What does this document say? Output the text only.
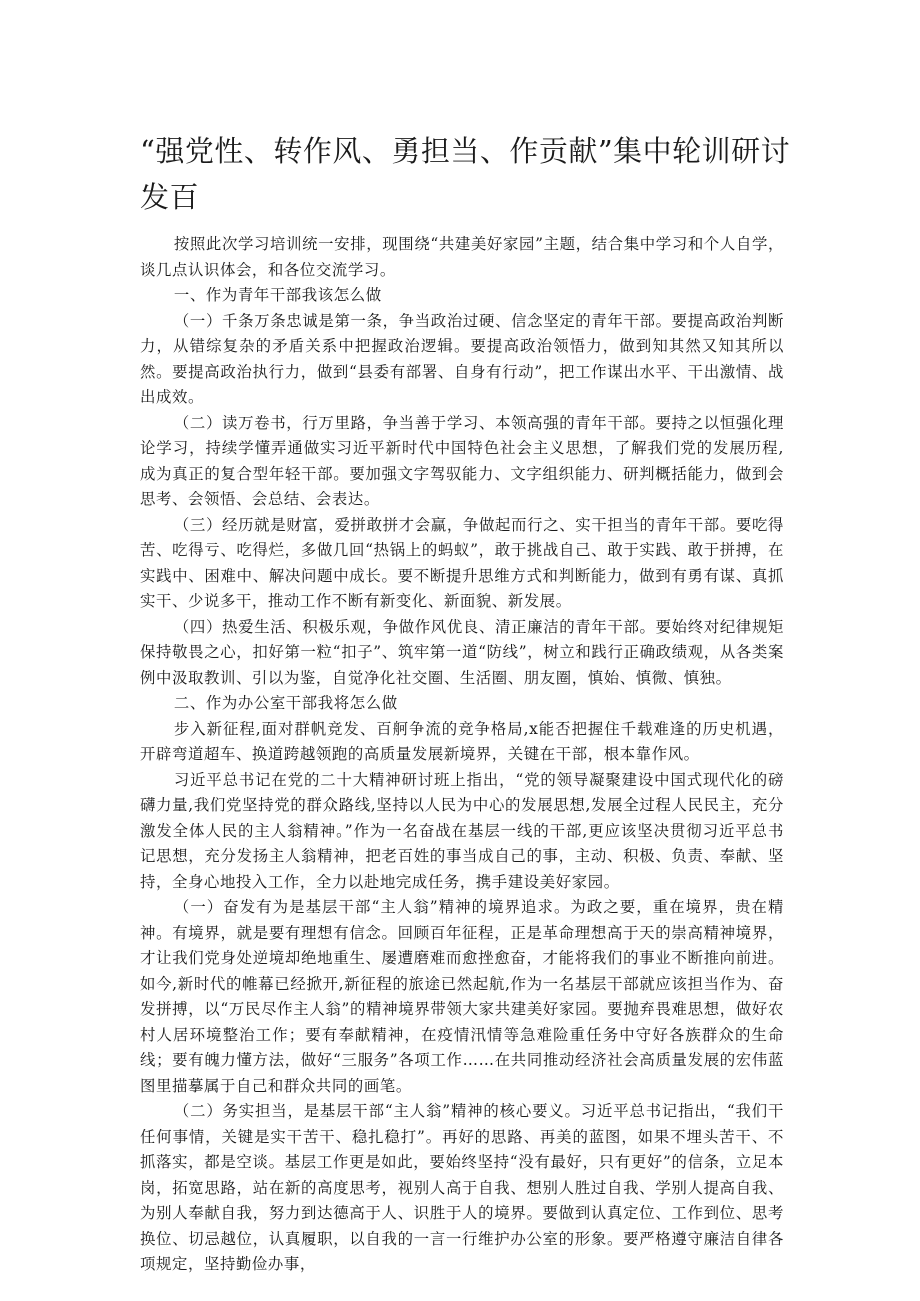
“强党性、转作风、勇担当、作贡献”集中轮训研讨发百

按照此次学习培训统一安排，现围绕“共建美好家园”主题，结合集中学习和个人自学，谈几点认识体会，和各位交流学习。

一、作为青年干部我该怎么做

（一）千条万条忠诚是第一条，争当政治过硬、信念坚定的青年干部。要提高政治判断力，从错综复杂的矛盾关系中把握政治逻辑。要提高政治领悟力，做到知其然又知其所以然。要提高政治执行力，做到“县委有部署、自身有行动”，把工作谋出水平、干出激情、战出成效。

（二）读万卷书，行万里路，争当善于学习、本领高强的青年干部。要持之以恒强化理论学习，持续学懂弄通做实习近平新时代中国特色社会主义思想，了解我们党的发展历程,成为真正的复合型年轻干部。要加强文字驾驭能力、文字组织能力、研判概括能力，做到会思考、会领悟、会总结、会表达。

（三）经历就是财富，爱拼敢拼才会赢，争做起而行之、实干担当的青年干部。要吃得苦、吃得亏、吃得烂，多做几回“热锅上的蚂蚁”，敢于挑战自己、敢于实践、敢于拼搏，在实践中、困难中、解决问题中成长。要不断提升思维方式和判断能力，做到有勇有谋、真抓实干、少说多干，推动工作不断有新变化、新面貌、新发展。

（四）热爱生活、积极乐观，争做作风优良、清正廉洁的青年干部。要始终对纪律规矩保持敬畏之心，扣好第一粒“扣子”、筑牢第一道“防线”，树立和践行正确政绩观，从各类案例中汲取教训、引以为鉴，自觉净化社交圈、生活圈、朋友圈，慎始、慎微、慎独。

二、作为办公室干部我将怎么做

步入新征程,面对群帆竞发、百舸争流的竞争格局,x能否把握住千载难逢的历史机遇，开辟弯道超车、换道跨越领跑的高质量发展新境界，关键在干部，根本靠作风。

习近平总书记在党的二十大精神研讨班上指出，“党的领导凝聚建设中国式现代化的磅礴力量,我们党坚持党的群众路线,坚持以人民为中心的发展思想,发展全过程人民民主，充分激发全体人民的主人翁精神。”作为一名奋战在基层一线的干部,更应该坚决贯彻习近平总书记思想，充分发扬主人翁精神，把老百姓的事当成自己的事，主动、积极、负责、奉献、坚持，全身心地投入工作，全力以赴地完成任务，携手建设美好家园。

（一）奋发有为是基层干部“主人翁”精神的境界追求。为政之要，重在境界，贵在精神。有境界，就是要有理想有信念。回顾百年征程，正是革命理想高于天的崇高精神境界，才让我们党身处逆境却绝地重生、屡遭磨难而愈挫愈奋，才能将我们的事业不断推向前进。如今,新时代的帷幕已经掀开,新征程的旅途已然起航,作为一名基层干部就应该担当作为、奋发拼搏，以“万民尽作主人翁”的精神境界带领大家共建美好家园。要抛弃畏难思想，做好农村人居环境整治工作；要有奉献精神，在疫情汛情等急难险重任务中守好各族群众的生命线；要有魄力懂方法，做好“三服务”各项工作……在共同推动经济社会高质量发展的宏伟蓝图里描摹属于自己和群众共同的画笔。

（二）务实担当，是基层干部“主人翁”精神的核心要义。习近平总书记指出，“我们干任何事情，关键是实干苦干、稳扎稳打”。再好的思路、再美的蓝图，如果不埋头苦干、不抓落实，都是空谈。基层工作更是如此，要始终坚持“没有最好，只有更好”的信条，立足本岗，拓宽思路，站在新的高度思考，视别人高于自我、想别人胜过自我、学别人提高自我、为别人奉献自我，努力到达德高于人、识胜于人的境界。要做到认真定位、工作到位、思考换位、切忌越位，认真履职，以自我的一言一行维护办公室的形象。要严格遵守廉洁自律各项规定，坚持勤俭办事，
